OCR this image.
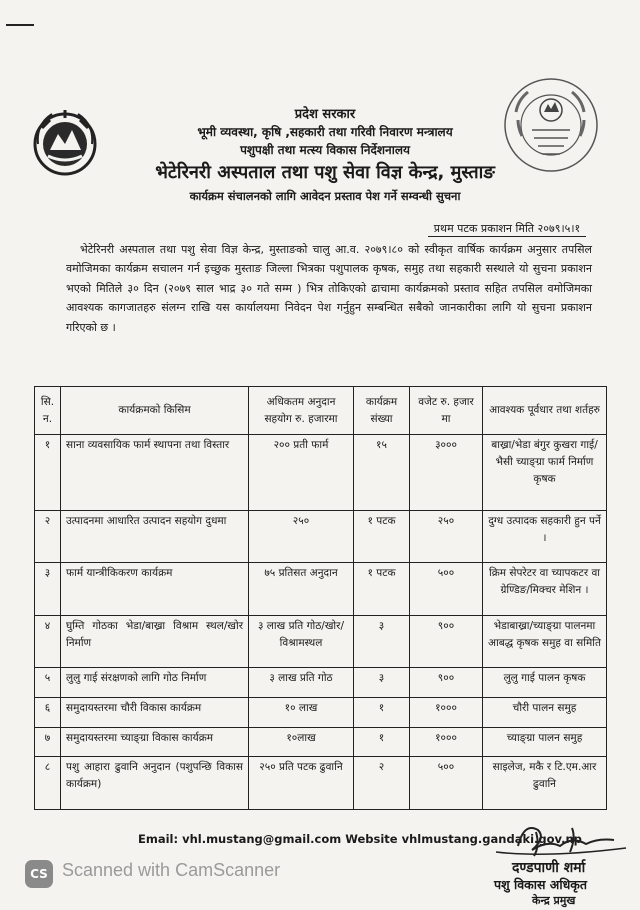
प्रदेश सरकार
भूमी व्यवस्था, कृषि ,सहकारी तथा गरिवी निवारण मन्त्रालय
पशुपक्षी तथा मत्स्य विकास निर्देशनालय
भेटेरिनरी अस्पताल तथा पशु सेवा विज्ञ केन्द्र, मुस्ताङ
कार्यक्रम संचालनको लागि आवेदन प्रस्ताव पेश गर्ने सम्वन्धी सुचना
प्रथम पटक प्रकाशन मिति २०७९।५।१
भेटेरिनरी अस्पताल तथा पशु सेवा विज्ञ केन्द्र, मुस्ताङको चालु आ.व. २०७९।८० को स्वीकृत वार्षिक कार्यक्रम अनुसार तपसिल वमोजिमका कार्यक्रम सचालन गर्न इच्छुक मुस्ताङ जिल्ला भित्रका पशुपालक कृषक, समुह तथा सहकारी सस्थाले यो सुचना प्रकाशन भएको मितिले ३० दिन (२०७९ साल भाद्र ३० गते सम्म ) भित्र तोकिएको ढाचामा कार्यक्रमको प्रस्ताव सहित तपसिल वमोजिमका आवश्यक कागजातहरु संलग्न राखि यस कार्यालयमा निवेदन पेश गर्नुहुन सम्बन्धित सबैको जानकारीका लागि यो सुचना प्रकाशन गरिएको छ ।
सि. न.	कार्यक्रमको किसिम	अधिकतम अनुदान सहयोग रु. हजारमा	कार्यक्रम संख्या	वजेट रु. हजार मा	आवश्यक पूर्वधार तथा शर्तहरु
१	साना व्यवसायिक फार्म स्थापना तथा विस्तार	२०० प्रती फार्म	१५	३०००	बाख्रा/भेडा बंगुर कुखरा गाई/भैसी च्याङ्ग्रा फार्म निर्माण कृषक
२	उत्पादनमा आधारित उत्पादन सहयोग दुधमा	२५०	१ पटक	२५०	दुग्ध उत्पादक सहकारी हुन पर्ने ।
३	फार्म यान्त्रीकिकरण कार्यक्रम	७५ प्रतिसत अनुदान	१ पटक	५००	क्रिम सेपरेटर वा च्यापकटर वा ग्रेण्डिङ/मिक्चर मेशिन ।
४	घुम्ति गोठका भेडा/बाख्रा विश्राम स्थल/खोर निर्माण	३ लाख प्रति गोठ/खोर/विश्रामस्थल	३	९००	भेडाबाख्रा/च्याङ्ग्रा पालनमा आबद्ध कृषक समुह वा समिति
५	लुलु गाई संरक्षणको लागि गोठ निर्माण	३ लाख प्रति गोठ	३	९००	लुलु गाई पालन कृषक
६	समुदायस्तरमा चौरी विकास कार्यक्रम	१० लाख	१	१०००	चौरी पालन समुह
७	समुदायस्तरमा च्याङ्ग्रा विकास कार्यक्रम	१०लाख	१	१०००	च्याङ्ग्रा पालन समुह
८	पशु आहारा ढुवानि अनुदान (पशुपन्छि विकास कार्यक्रम)	२५० प्रति पटक ढुवानि	२	५००	साइलेज, मकै र टि.एम.आर ढुवानि
Email: vhl.mustang@gmail.com Website vhlmustang.gandaki.gov.np
दण्डपाणी शर्मा
पशु विकास अधिकृत
केन्द्र प्रमुख
CS Scanned with CamScanner
